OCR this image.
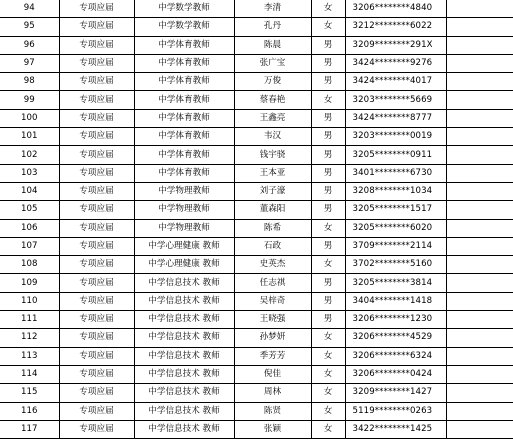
94	专项应届	中学数学教师	李清	女	3206********4840	
95	专项应届	中学数学教师	孔丹	女	3212********6022	
96	专项应届	中学体育教师	陈晨	男	3209********291X	
97	专项应届	中学体育教师	张广宝	男	3424********9276	
98	专项应届	中学体育教师	万俊	男	3424********4017	
99	专项应届	中学体育教师	蔡春艳	女	3203********5669	
100	专项应届	中学体育教师	王鑫亮	男	3424********8777	
101	专项应届	中学体育教师	韦汉	男	3203********0019	
102	专项应届	中学体育教师	钱宇骁	男	3205********0911	
103	专项应届	中学体育教师	王本亚	男	3401********6730	
104	专项应届	中学物理教师	刘子濠	男	3208********1034	
105	专项应届	中学物理教师	董森阳	男	3205********1517	
106	专项应届	中学物理教师	陈希	女	3205********6020	
107	专项应届	中学心理健康 教师	石政	男	3709********2114	
108	专项应届	中学心理健康 教师	史英杰	女	3702********5160	
109	专项应届	中学信息技术 教师	任志祺	男	3205********3814	
110	专项应届	中学信息技术 教师	吴梓奇	男	3404********1418	
111	专项应届	中学信息技术 教师	王晓强	男	3206********1230	
112	专项应届	中学信息技术 教师	孙梦妍	女	3206********4529	
113	专项应届	中学信息技术 教师	季芳芳	女	3206********6324	
114	专项应届	中学信息技术 教师	倪佳	女	3206********0424	
115	专项应届	中学信息技术 教师	周林	女	3209********1427	
116	专项应届	中学信息技术 教师	陈贤	女	5119********0263	
117	专项应届	中学信息技术 教师	张颖	女	3422********1425	
